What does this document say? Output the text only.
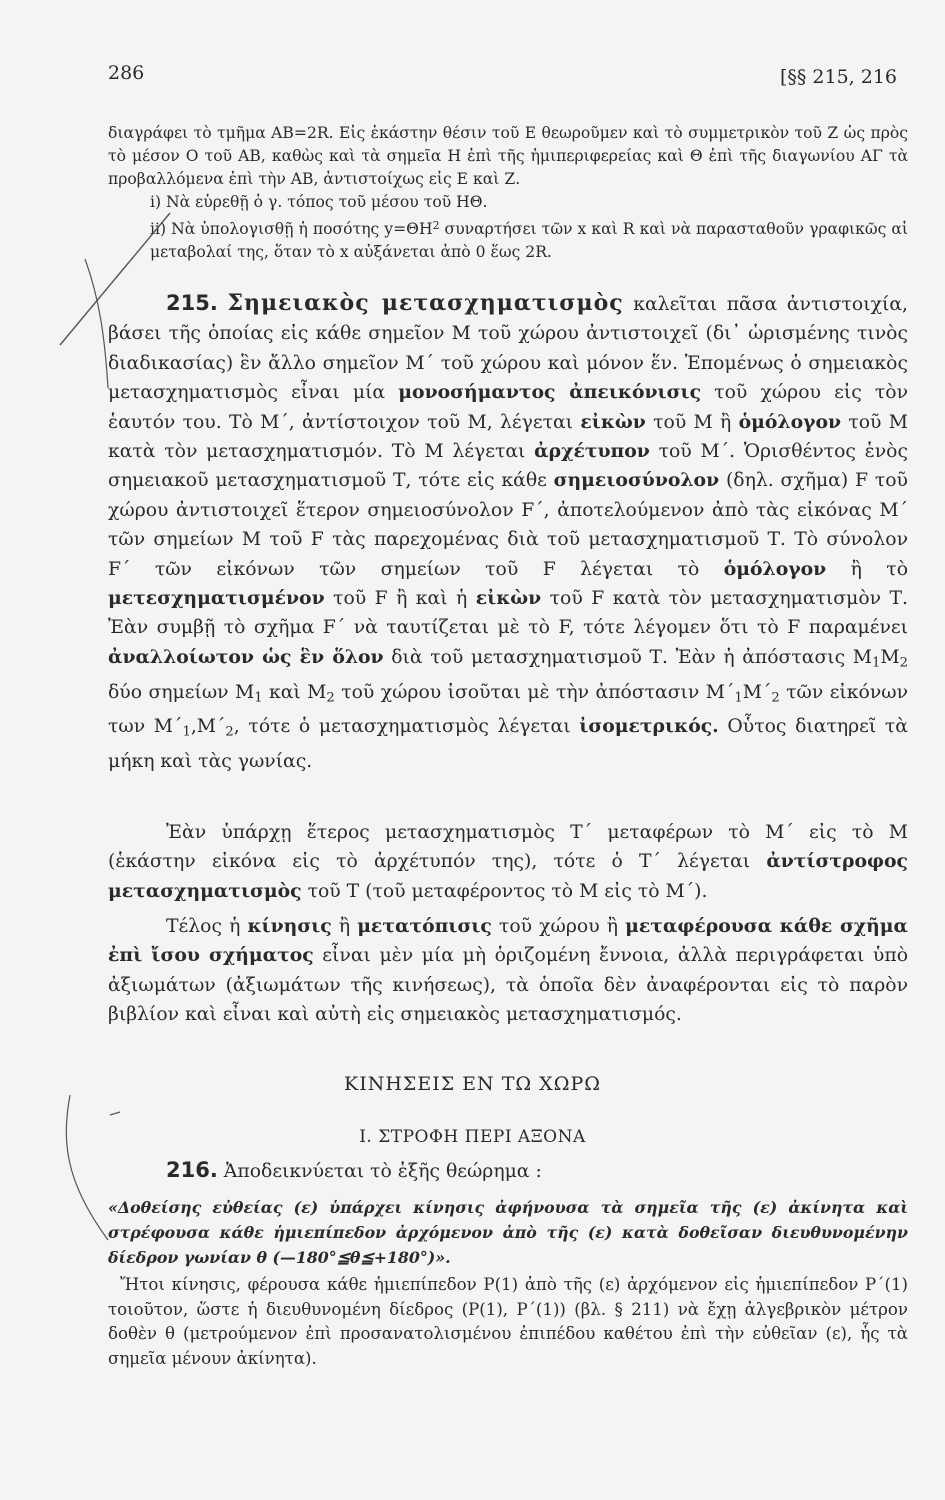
286	[§§ 215, 216

διαγράφει τὸ τμῆμα ΑΒ=2R. Εἰς ἑκάστην θέσιν τοῦ Ε θεωροῦμεν καὶ τὸ συμμετρικὸν τοῦ Ζ ὡς πρὸς τὸ μέσον Ο τοῦ ΑΒ, καθὼς καὶ τὰ σημεῖα Η ἐπὶ τῆς ἡμιπεριφερείας καὶ Θ ἐπὶ τῆς διαγωνίου ΑΓ τὰ προβαλλόμενα ἐπὶ τὴν ΑΒ, ἀντιστοίχως εἰς Ε καὶ Ζ.

i) Νὰ εὑρεθῇ ὁ γ. τόπος τοῦ μέσου τοῦ ΗΘ.

ii) Νὰ ὑπολογισθῇ ἡ ποσότης $y=\Theta H^2$ συναρτήσει τῶν x καὶ R καὶ νὰ παρασταθοῦν γραφικῶς αἱ μεταβολαί της, ὅταν τὸ x αὐξάνεται ἀπὸ 0 ἕως 2R.

215. Σημειακὸς μετασχηματισμὸς καλεῖται πᾶσα ἀντιστοιχία, βάσει τῆς ὁποίας εἰς κάθε σημεῖον Μ τοῦ χώρου ἀντιστοιχεῖ (δι᾽ ὡρισμένης τινὸς διαδικασίας) ἓν ἄλλο σημεῖον Μ΄ τοῦ χώρου καὶ μόνον ἕν. Ἐπομένως ὁ σημειακὸς μετασχηματισμὸς εἶναι μία μονοσήμαντος ἀπεικόνισις τοῦ χώρου εἰς τὸν ἑαυτόν του. Τὸ Μ΄, ἀντίστοιχον τοῦ Μ, λέγεται εἰκὼν τοῦ Μ ἢ ὁμόλογον τοῦ Μ κατὰ τὸν μετασχηματισμόν. Τὸ Μ λέγεται ἀρχέτυπον τοῦ Μ΄. Ὁρισθέντος ἑνὸς σημειακοῦ μετασχηματισμοῦ Τ, τότε εἰς κάθε σημειοσύνολον (δηλ. σχῆμα) F τοῦ χώρου ἀντιστοιχεῖ ἕτερον σημειοσύνολον F΄, ἀποτελούμενον ἀπὸ τὰς εἰκόνας Μ΄ τῶν σημείων Μ τοῦ F τὰς παρεχομένας διὰ τοῦ μετασχηματισμοῦ Τ. Τὸ σύνολον F΄ τῶν εἰκόνων τῶν σημείων τοῦ F λέγεται τὸ ὁμόλογον ἢ τὸ μετεσχηματισμένον τοῦ F ἢ καὶ ἡ εἰκὼν τοῦ F κατὰ τὸν μετασχηματισμὸν Τ. Ἐὰν συμβῇ τὸ σχῆμα F΄ νὰ ταυτίζεται μὲ τὸ F, τότε λέγομεν ὅτι τὸ F παραμένει ἀναλλοίωτον ὡς ἓν ὅλον διὰ τοῦ μετασχηματισμοῦ Τ. Ἐὰν ἡ ἀπόστασις $M_1M_2$ δύο σημείων $M_1$ καὶ $M_2$ τοῦ χώρου ἰσοῦται μὲ τὴν ἀπόστασιν $M΄_1M΄_2$ τῶν εἰκόνων των $M΄_1,M΄_2$, τότε ὁ μετασχηματισμὸς λέγεται ἰσομετρικός. Οὗτος διατηρεῖ τὰ μήκη καὶ τὰς γωνίας.

Ἐὰν ὑπάρχῃ ἕτερος μετασχηματισμὸς Τ΄ μεταφέρων τὸ Μ΄ εἰς τὸ Μ (ἑκάστην εἰκόνα εἰς τὸ ἀρχέτυπόν της), τότε ὁ Τ΄ λέγεται ἀντίστροφος μετασχηματισμὸς τοῦ Τ (τοῦ μεταφέροντος τὸ Μ εἰς τὸ Μ΄).

Τέλος ἡ κίνησις ἢ μετατόπισις τοῦ χώρου ἢ μεταφέρουσα κάθε σχῆμα ἐπὶ ἴσου σχήματος εἶναι μὲν μία μὴ ὁριζομένη ἔννοια, ἀλλὰ περιγράφεται ὑπὸ ἀξιωμάτων (ἀξιωμάτων τῆς κινήσεως), τὰ ὁποῖα δὲν ἀναφέρονται εἰς τὸ παρὸν βιβλίον καὶ εἶναι καὶ αὐτὴ εἰς σημειακὸς μετασχηματισμός.

ΚΙΝΗΣΕΙΣ ΕΝ ΤΩ ΧΩΡΩ
Ι. ΣΤΡΟΦΗ ΠΕΡΙ ΑΞΟΝΑ

216. Ἀποδεικνύεται τὸ ἑξῆς θεώρημα :

«Δοθείσης εὐθείας (ε) ὑπάρχει κίνησις ἀφήνουσα τὰ σημεῖα τῆς (ε) ἀκίνητα καὶ στρέφουσα κάθε ἡμιεπίπεδον ἀρχόμενον ἀπὸ τῆς (ε) κατὰ δοθεῖσαν διευθυνομένην δίεδρον γωνίαν θ (—180°≦θ≦+180°)».

Ἤτοι κίνησις, φέρουσα κάθε ἡμιεπίπεδον P(1) ἀπὸ τῆς (ε) ἀρχόμενον εἰς ἡμιεπίπεδον P΄(1) τοιοῦτον, ὥστε ἡ διευθυνομένη δίεδρος (P(1), P΄(1)) (βλ. § 211) νὰ ἔχῃ ἀλγεβρικὸν μέτρον δοθὲν θ (μετρούμενον ἐπὶ προσανατολισμένου ἐπιπέδου καθέτου ἐπὶ τὴν εὐθεῖαν (ε), ἧς τὰ σημεῖα μένουν ἀκίνητα).
